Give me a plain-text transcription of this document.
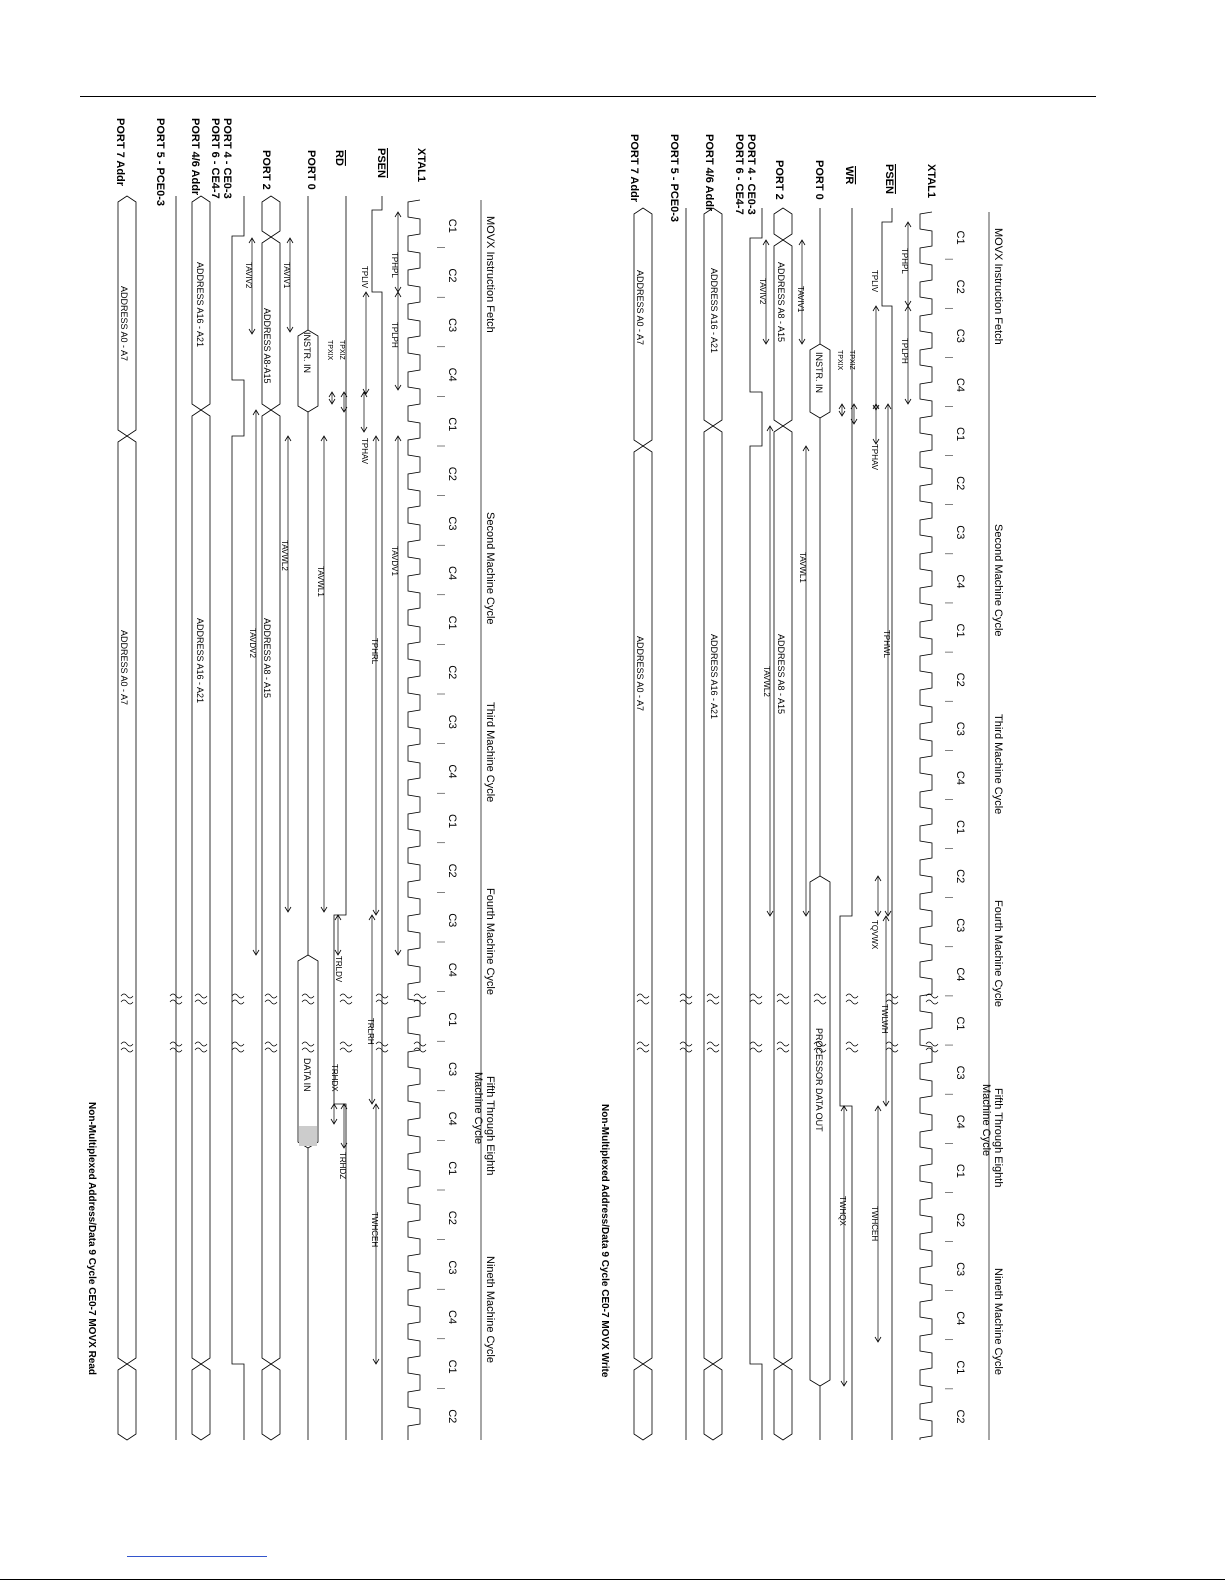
MOVX Instruction Fetch
Second Machine Cycle
Third Machine Cycle
Fourth Machine Cycle
Fifth Through Eighth
Nineth Machine Cycle
Machine Cycle
C1
C2
C3
C4
C1
C2
C3
C4
C1
C2
C3
C4
C1
C2
C3
C4
C1
C3
C4
C1
C2
C3
C4
C1
C2
XTAL1
PSEN
RD
PORT 0
PORT 2
PORT 4 - CE0-3
PORT 6 - CE4-7
PORT 4/6 Addr
PORT 5 - PCE0-3
PORT 7 Addr
INSTR. IN
DATA IN
ADDRESS A8-A15
ADDRESS A8 - A15
ADDRESS A16 - A21
ADDRESS A16 - A21
ADDRESS A0 - A7
ADDRESS A0 - A7
TPHPL
TPLPH
TPLIV
TPXIZ
TPXIX
TAVIV1
TAVIV2
TPHAV
TAVDV1
TAVWL1
TAVWL2
TAVDV2	TPHRL
TRLDV
TRLRH
TRHDX
TRHDZ
TWHCEH
Non-Multiplexed Address/Data 9 Cycle CE0-7 MOVX Read
MOVX Instruction Fetch
Second Machine Cycle
Third Machine Cycle
Fourth Machine Cycle
Fifth Through Eighth
Nineth Machine Cycle
Machine Cycle
C1
C2
C3
C4
C1
C2
C3
C4
C1
C2
C3
C4
C1
C2
C3
C4
C1
C3
C4
C1
C2
C3
C4
C1
C2
XTAL1
PSEN
WR
PORT 0
PORT 2
PORT 4 - CE0-3
PORT 6 - CE4-7
PORT 4/6 Addr
PORT 5 - PCE0-3
PORT 7 Addr
INSTR. IN
PROCESSOR DATA OUT
ADDRESS A8 - A15
ADDRESS A8 - A15
ADDRESS A16 - A21
ADDRESS A16 - A21
ADDRESS A0 - A7
ADDRESS A0 - A7
TPHPL
TPLPH
TPLIV
TPXIZ
TPXIX
TAVIV1
TAVIV2
TPHAV
TAVWL1
TPHWL
TAVWL2
TQVWX
TWLWH
TWHQX	TWHCEH
Non-Multiplexed Address/Data 9 Cycle CE0-7 MOVX Write
